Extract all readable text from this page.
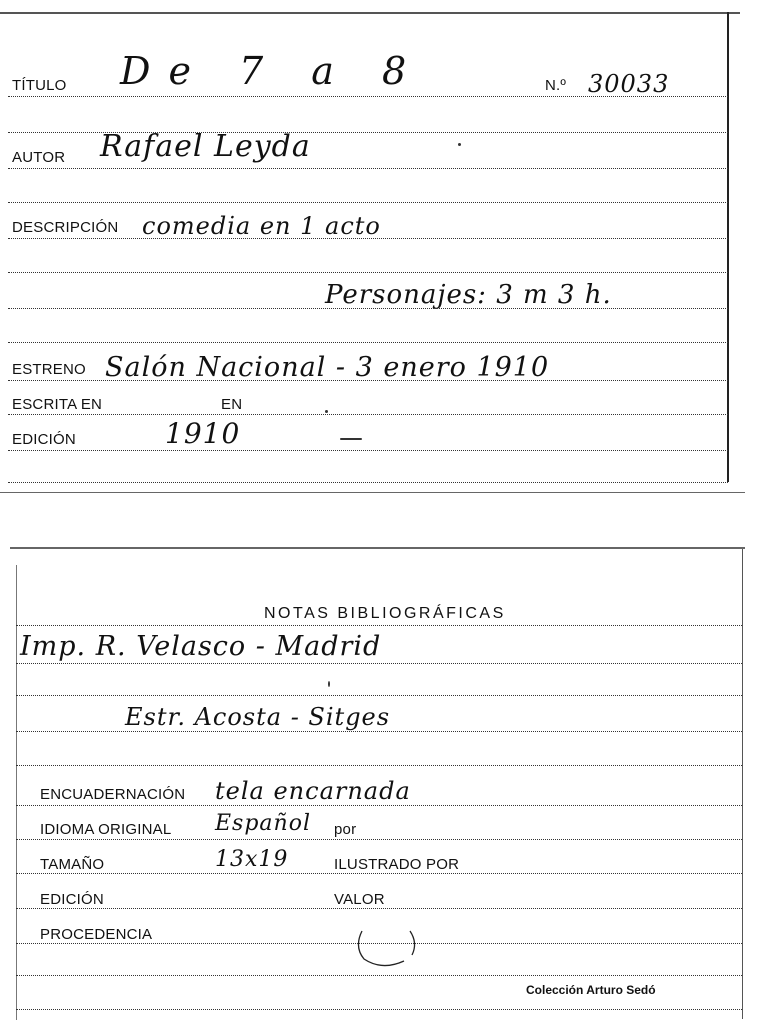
TÍTULO De 7 a 8	N.º 30033
AUTOR Rafael Leyda
DESCRIPCIÓN comedia en 1 acto
Personajes: 3 m 3 h.
ESTRENO Salón Nacional - 3 enero 1910
ESCRITA EN	EN
EDICIÓN	1910
NOTAS BIBLIOGRÁFICAS
Imp. R. Velasco - Madrid
Estr. Acosta - Sitges
ENCUADERNACIÓN tela encarnada
IDIOMA ORIGINAL Español por
TAMAÑO	13x19	ILUSTRADO POR
EDICIÓN	VALOR
PROCEDENCIA
Colección Arturo Sedó
